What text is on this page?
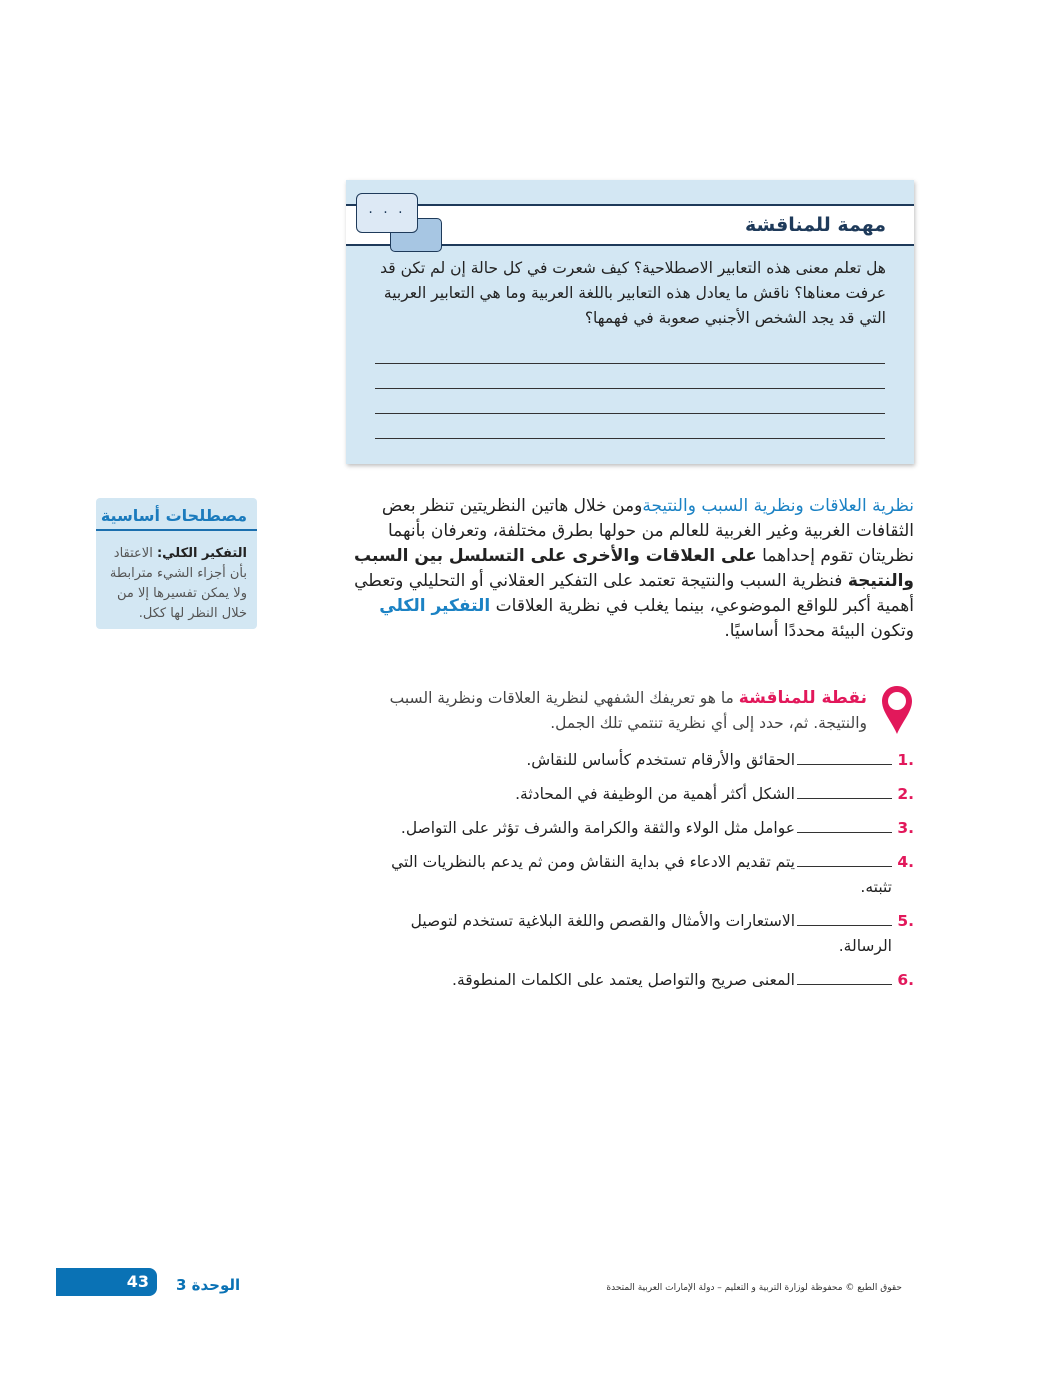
مهمة للمناقشة
. . .
هل تعلم معنى هذه التعابير الاصطلاحية؟ كيف شعرت في كل حالة إن لم تكن قد عرفت معناها؟ ناقش ما يعادل هذه التعابير باللغة العربية وما هي التعابير العربية التي قد يجد الشخص الأجنبي صعوبة في فهمها؟
نظرية العلاقات ونظرية السبب والنتيجةومن خلال هاتين النظريتين تنظر بعض الثقافات الغربية وغير الغربية للعالم من حولها بطرق مختلفة، وتعرفان بأنهما نظريتان تقوم إحداهما على العلاقات والأخرى على التسلسل بين السبب والنتيجة فنظرية السبب والنتيجة تعتمد على التفكير العقلاني أو التحليلي وتعطي أهمية أكبر للواقع الموضوعي، بينما يغلب في نظرية العلاقات التفكير الكلي وتكون البيئة محددًا أساسيًا.
مصطلحات أساسية
التفكير الكلي: الاعتقاد بأن أجزاء الشيء مترابطة ولا يمكن تفسيرها إلا من خلال النظر لها ككل.
نقطة للمناقشة ما هو تعريفك الشفهي لنظرية العلاقات ونظرية السبب والنتيجة. ثم، حدد إلى أي نظرية تنتمي تلك الجمل.
.1
الحقائق والأرقام تستخدم كأساس للنقاش.
.2
الشكل أكثر أهمية من الوظيفة في المحادثة.
.3
عوامل مثل الولاء والثقة والكرامة والشرف تؤثر على التواصل.
.4
يتم تقديم الادعاء في بداية النقاش ومن ثم يدعم بالنظريات التي تثبته.
.5
الاستعارات والأمثال والقصص واللغة البلاغية تستخدم لتوصيل الرسالة.
.6
المعنى صريح والتواصل يعتمد على الكلمات المنطوقة.
43 الوحدة 3	حقوق الطبع © محفوظة لوزارة التربية و التعليم – دولة الإمارات العربية المتحدة
